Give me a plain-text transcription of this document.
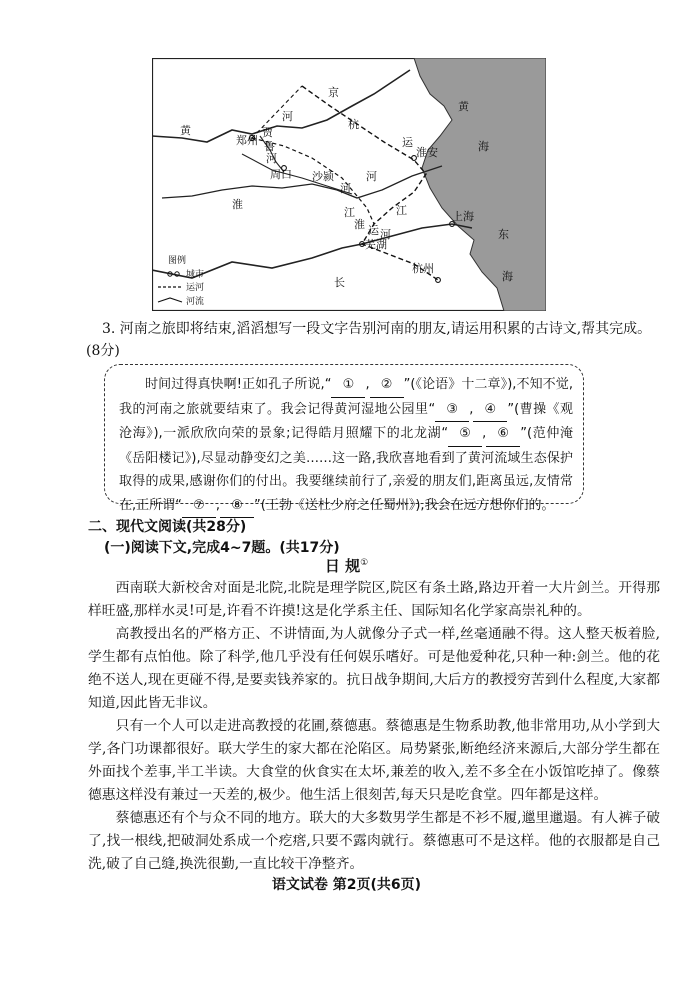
黄
河
郑州
贾
鲁
河
周口 沙颍
河
京
杭
运
淮安
河
淮
江
淮 运 河
芜湖
江	上海
杭州
黄
海
东
海
长
图例
城市
运河
河流
3. 河南之旅即将结束,滔滔想写一段文字告别河南的朋友,请运用积累的古诗文,帮其完成。(8分)
时间过得真快啊!正如孔子所说,“ ① , ② ”(《论语》十二章》),不知不觉,我的河南之旅就要结束了。我会记得黄河湿地公园里“ ③ , ④ ”(曹操《观沧海》),一派欣欣向荣的景象;记得皓月照耀下的北龙湖“ ⑤ , ⑥ ”(范仲淹《岳阳楼记》),尽显动静变幻之美……这一路,我欣喜地看到了黄河流域生态保护取得的成果,感谢你们的付出。我要继续前行了,亲爱的朋友们,距离虽远,友情常在,正所谓“ ⑦ , ⑧ ”(王勃《送杜少府之任蜀州》),我会在远方想你们的。
二、现代文阅读(共28分)
(一)阅读下文,完成4~7题。(共17分)
日 规①

西南联大新校舍对面是北院,北院是理学院区,院区有条土路,路边开着一大片剑兰。开得那样旺盛,那样水灵!可是,许看不许摸!这是化学系主任、国际知名化学家高崇礼种的。

高教授出名的严格方正、不讲情面,为人就像分子式一样,丝毫通融不得。这人整天板着脸,学生都有点怕他。除了科学,他几乎没有任何娱乐嗜好。可是他爱种花,只种一种:剑兰。他的花绝不送人,现在更碰不得,是要卖钱养家的。抗日战争期间,大后方的教授穷苦到什么程度,大家都知道,因此皆无非议。

只有一个人可以走进高教授的花圃,蔡德惠。蔡德惠是生物系助教,他非常用功,从小学到大学,各门功课都很好。联大学生的家大都在沦陷区。局势紧张,断绝经济来源后,大部分学生都在外面找个差事,半工半读。大食堂的伙食实在太坏,兼差的收入,差不多全在小饭馆吃掉了。像蔡德惠这样没有兼过一天差的,极少。他生活上很刻苦,每天只是吃食堂。四年都是这样。

蔡德惠还有个与众不同的地方。联大的大多数男学生都是不衫不履,邋里邋遢。有人裤子破了,找一根线,把破洞处系成一个疙瘩,只要不露肉就行。蔡德惠可不是这样。他的衣服都是自己洗,破了自己缝,换洗很勤,一直比较干净整齐。

语文试卷 第2页(共6页)
